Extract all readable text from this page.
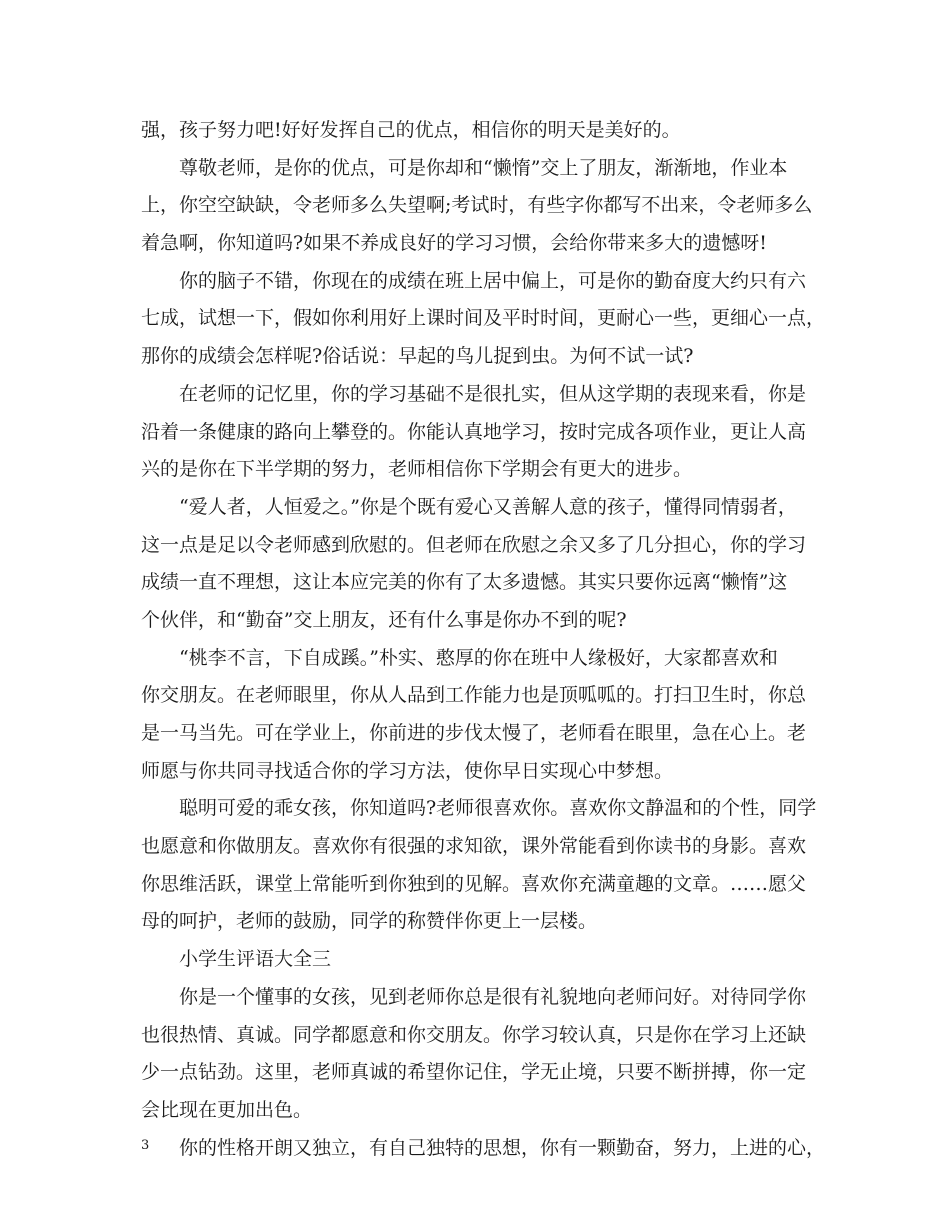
强，孩子努力吧!好好发挥自己的优点，相信你的明天是美好的。
尊敬老师，是你的优点，可是你却和“懒惰”交上了朋友，渐渐地，作业本
上，你空空缺缺，令老师多么失望啊;考试时，有些字你都写不出来，令老师多么
着急啊，你知道吗?如果不养成良好的学习习惯，会给你带来多大的遗憾呀!
你的脑子不错，你现在的成绩在班上居中偏上，可是你的勤奋度大约只有六
七成，试想一下，假如你利用好上课时间及平时时间，更耐心一些，更细心一点，
那你的成绩会怎样呢?俗话说：早起的鸟儿捉到虫。为何不试一试?
在老师的记忆里，你的学习基础不是很扎实，但从这学期的表现来看，你是
沿着一条健康的路向上攀登的。你能认真地学习，按时完成各项作业，更让人高
兴的是你在下半学期的努力，老师相信你下学期会有更大的进步。
“爱人者，人恒爱之。”你是个既有爱心又善解人意的孩子，懂得同情弱者，
这一点是足以令老师感到欣慰的。但老师在欣慰之余又多了几分担心，你的学习
成绩一直不理想，这让本应完美的你有了太多遗憾。其实只要你远离“懒惰”这
个伙伴，和“勤奋”交上朋友，还有什么事是你办不到的呢?
“桃李不言，下自成蹊。”朴实、憨厚的你在班中人缘极好，大家都喜欢和
你交朋友。在老师眼里，你从人品到工作能力也是顶呱呱的。打扫卫生时，你总
是一马当先。可在学业上，你前进的步伐太慢了，老师看在眼里，急在心上。老
师愿与你共同寻找适合你的学习方法，使你早日实现心中梦想。
聪明可爱的乖女孩，你知道吗?老师很喜欢你。喜欢你文静温和的个性，同学
也愿意和你做朋友。喜欢你有很强的求知欲，课外常能看到你读书的身影。喜欢
你思维活跃，课堂上常能听到你独到的见解。喜欢你充满童趣的文章。……愿父
母的呵护，老师的鼓励，同学的称赞伴你更上一层楼。
小学生评语大全三
你是一个懂事的女孩，见到老师你总是很有礼貌地向老师问好。对待同学你
也很热情、真诚。同学都愿意和你交朋友。你学习较认真，只是你在学习上还缺
少一点钻劲。这里，老师真诚的希望你记住，学无止境，只要不断拼搏，你一定
会比现在更加出色。
你的性格开朗又独立，有自己独特的思想，你有一颗勤奋，努力，上进的心，
3
